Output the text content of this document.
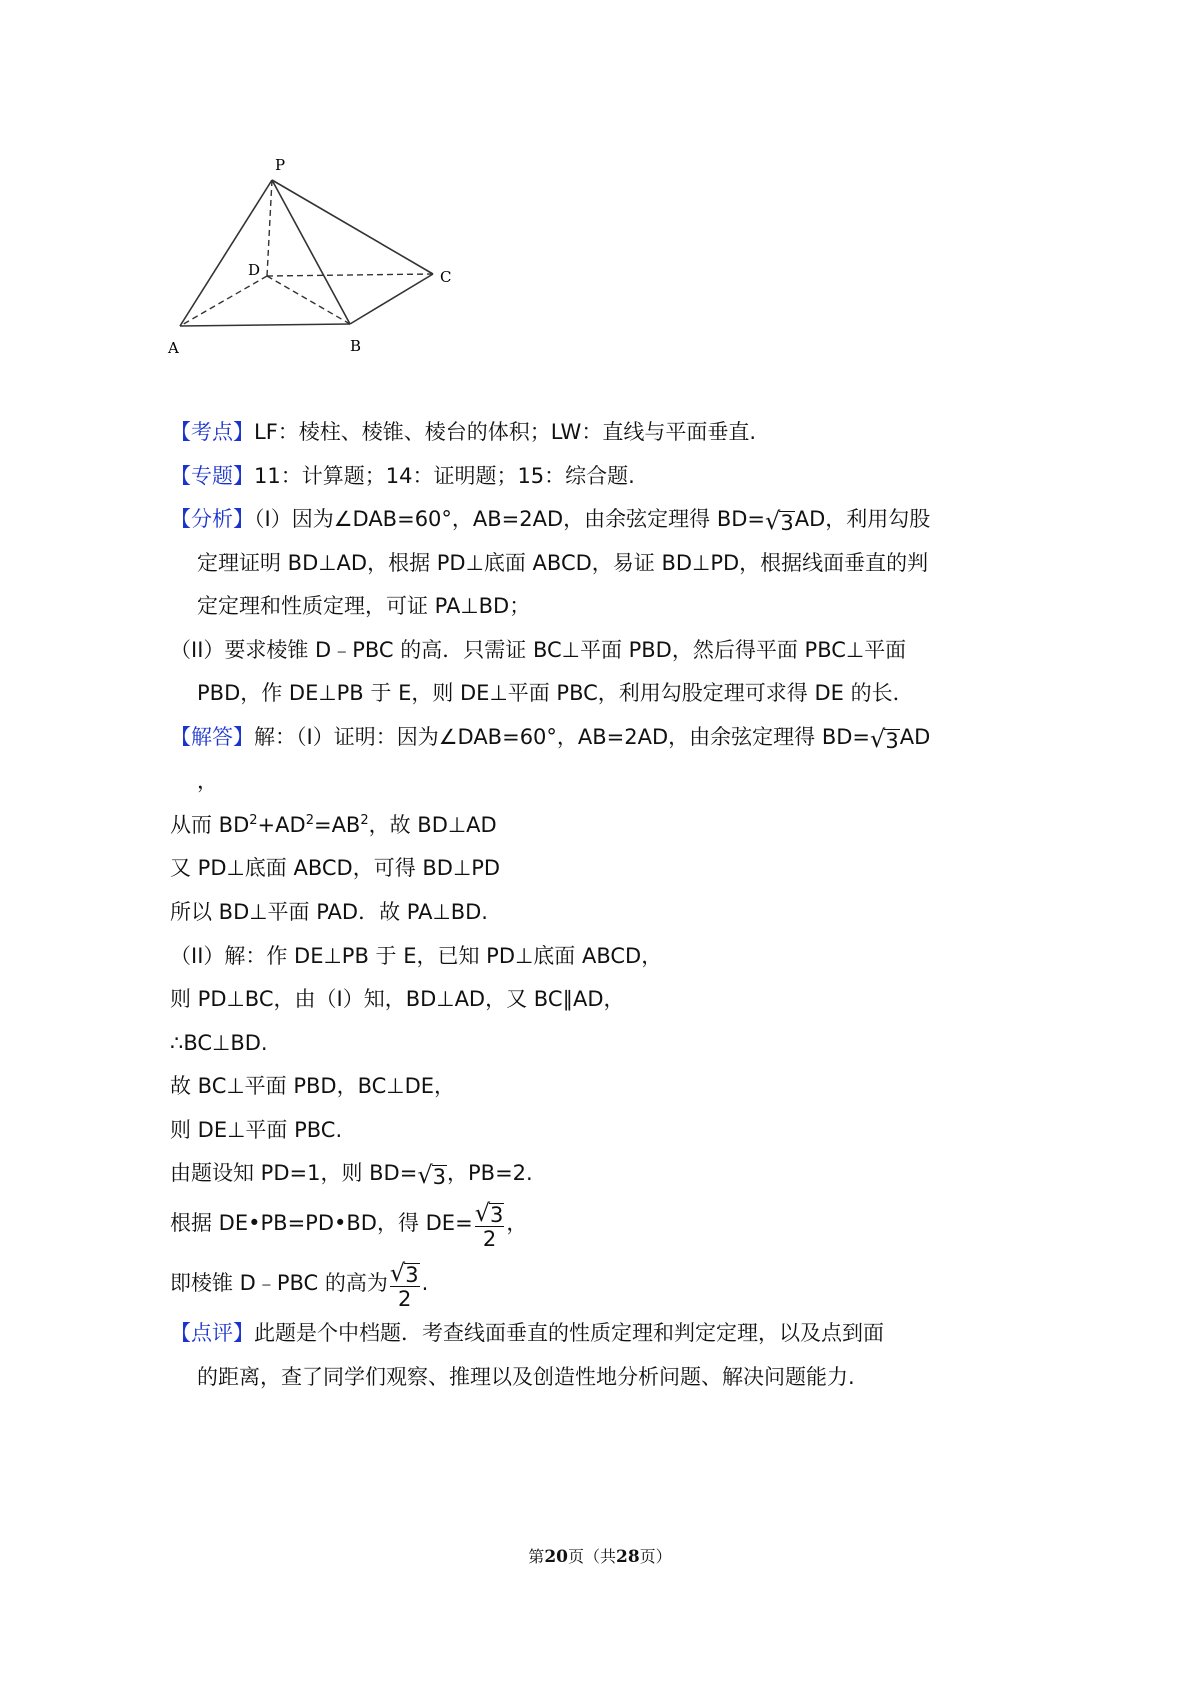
P
D	C
A	B
【考点】LF：棱柱、棱锥、棱台的体积；LW：直线与平面垂直.
【专题】11：计算题；14：证明题；15：综合题.
【分析】（Ⅰ）因为∠DAB=60°，AB=2AD，由余弦定理得 BD= √ 3 AD，利用勾股
定理证明 BD⊥AD，根据 PD⊥底面 ABCD，易证 BD⊥PD，根据线面垂直的判
定定理和性质定理，可证 PA⊥BD；
（II）要求棱锥 D﹣PBC 的高．只需证 BC⊥平面 PBD，然后得平面 PBC⊥平面
PBD，作 DE⊥PB 于 E，则 DE⊥平面 PBC，利用勾股定理可求得 DE 的长．
【解答】解：（Ⅰ）证明：因为∠DAB=60°，AB=2AD，由余弦定理得 BD= √ 3 AD
，
从而 $BD^2+AD^2=AB^2$，故 BD⊥AD
又 PD⊥底面 ABCD，可得 BD⊥PD
所以 BD⊥平面 PAD．故 PA⊥BD.
（II）解：作 DE⊥PB 于 E，已知 PD⊥底面 ABCD，
则 PD⊥BC，由（I）知，BD⊥AD，又 BC∥AD，
∴BC⊥BD.
故 BC⊥平面 PBD，BC⊥DE，
则 DE⊥平面 PBC.
由题设知 PD=1，则 BD= √ 3 ，PB=2.
根据 DE•PB=PD•BD，得 $DE= \frac{√ 3}{2}$ ，
即棱锥 D﹣PBC 的高为 $\frac{√ 3}{2}$ .
【点评】此题是个中档题．考查线面垂直的性质定理和判定定理，以及点到面
的距离，查了同学们观察、推理以及创造性地分析问题、解决问题能力.
第20页（共28页）
